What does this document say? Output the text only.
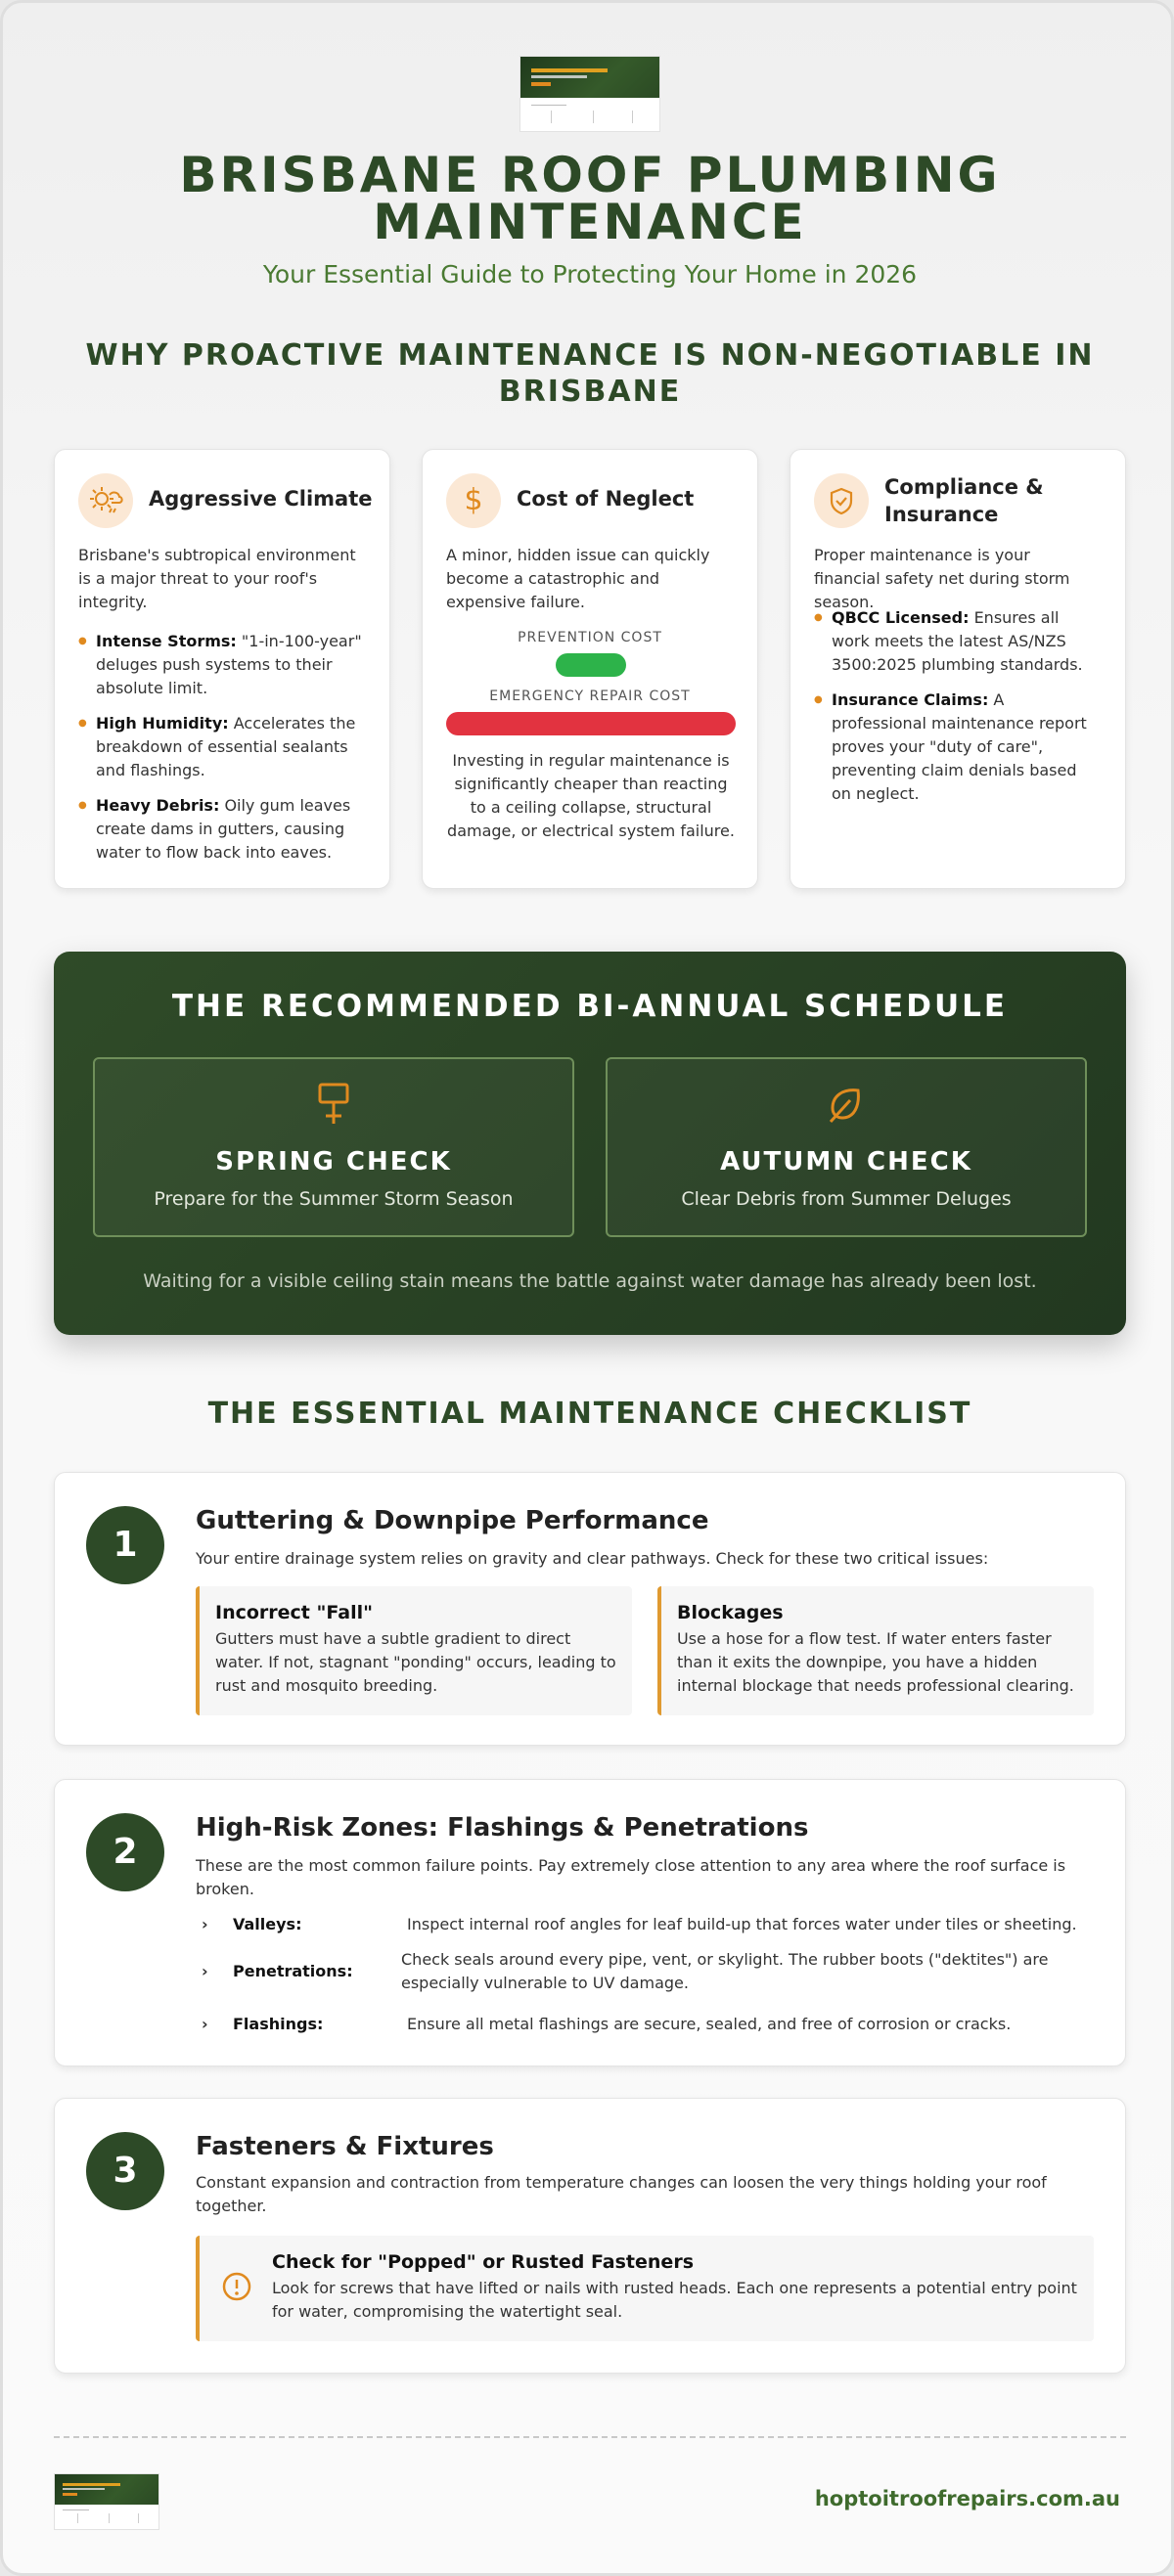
BRISBANE ROOF PLUMBING MAINTENANCE
Your Essential Guide to Protecting Your Home in 2026
WHY PROACTIVE MAINTENANCE IS NON-NEGOTIABLE IN BRISBANE
Aggressive Climate
Brisbane's subtropical environment is a major threat to your roof's integrity.
● Intense Storms: "1-in-100-year" deluges push systems to their absolute limit.
● High Humidity: Accelerates the breakdown of essential sealants and flashings.
● Heavy Debris: Oily gum leaves create dams in gutters, causing water to flow back into eaves.
$	Cost of Neglect
A minor, hidden issue can quickly become a catastrophic and expensive failure.
PREVENTION COST
EMERGENCY REPAIR COST
Investing in regular maintenance is significantly cheaper than reacting to a ceiling collapse, structural damage, or electrical system failure.
Compliance & Insurance
Proper maintenance is your financial safety net during storm season.
● QBCC Licensed: Ensures all work meets the latest AS/NZS 3500:2025 plumbing standards.
● Insurance Claims: A professional maintenance report proves your "duty of care", preventing claim denials based on neglect.
THE RECOMMENDED BI-ANNUAL SCHEDULE
SPRING CHECK
Prepare for the Summer Storm Season
AUTUMN CHECK
Clear Debris from Summer Deluges
Waiting for a visible ceiling stain means the battle against water damage has already been lost.
THE ESSENTIAL MAINTENANCE CHECKLIST
1
Guttering & Downpipe Performance
Your entire drainage system relies on gravity and clear pathways. Check for these two critical issues:
Incorrect "Fall"

Gutters must have a subtle gradient to direct water. If not, stagnant "ponding" occurs, leading to rust and mosquito breeding.

Blockages

Use a hose for a flow test. If water enters faster than it exits the downpipe, you have a hidden internal blockage that needs professional clearing.

2
High-Risk Zones: Flashings & Penetrations
These are the most common failure points. Pay extremely close attention to any area where the roof surface is broken.
› Valleys:	Inspect internal roof angles for leaf build-up that forces water under tiles or sheeting.
› Penetrations:
Check seals around every pipe, vent, or skylight. The rubber boots ("dektites") are especially vulnerable to UV damage.
› Flashings:	Ensure all metal flashings are secure, sealed, and free of corrosion or cracks.
3
Fasteners & Fixtures
Constant expansion and contraction from temperature changes can loosen the very things holding your roof together.
Check for "Popped" or Rusted Fasteners

Look for screws that have lifted or nails with rusted heads. Each one represents a potential entry point for water, compromising the watertight seal.

hoptoitroofrepairs.com.au
